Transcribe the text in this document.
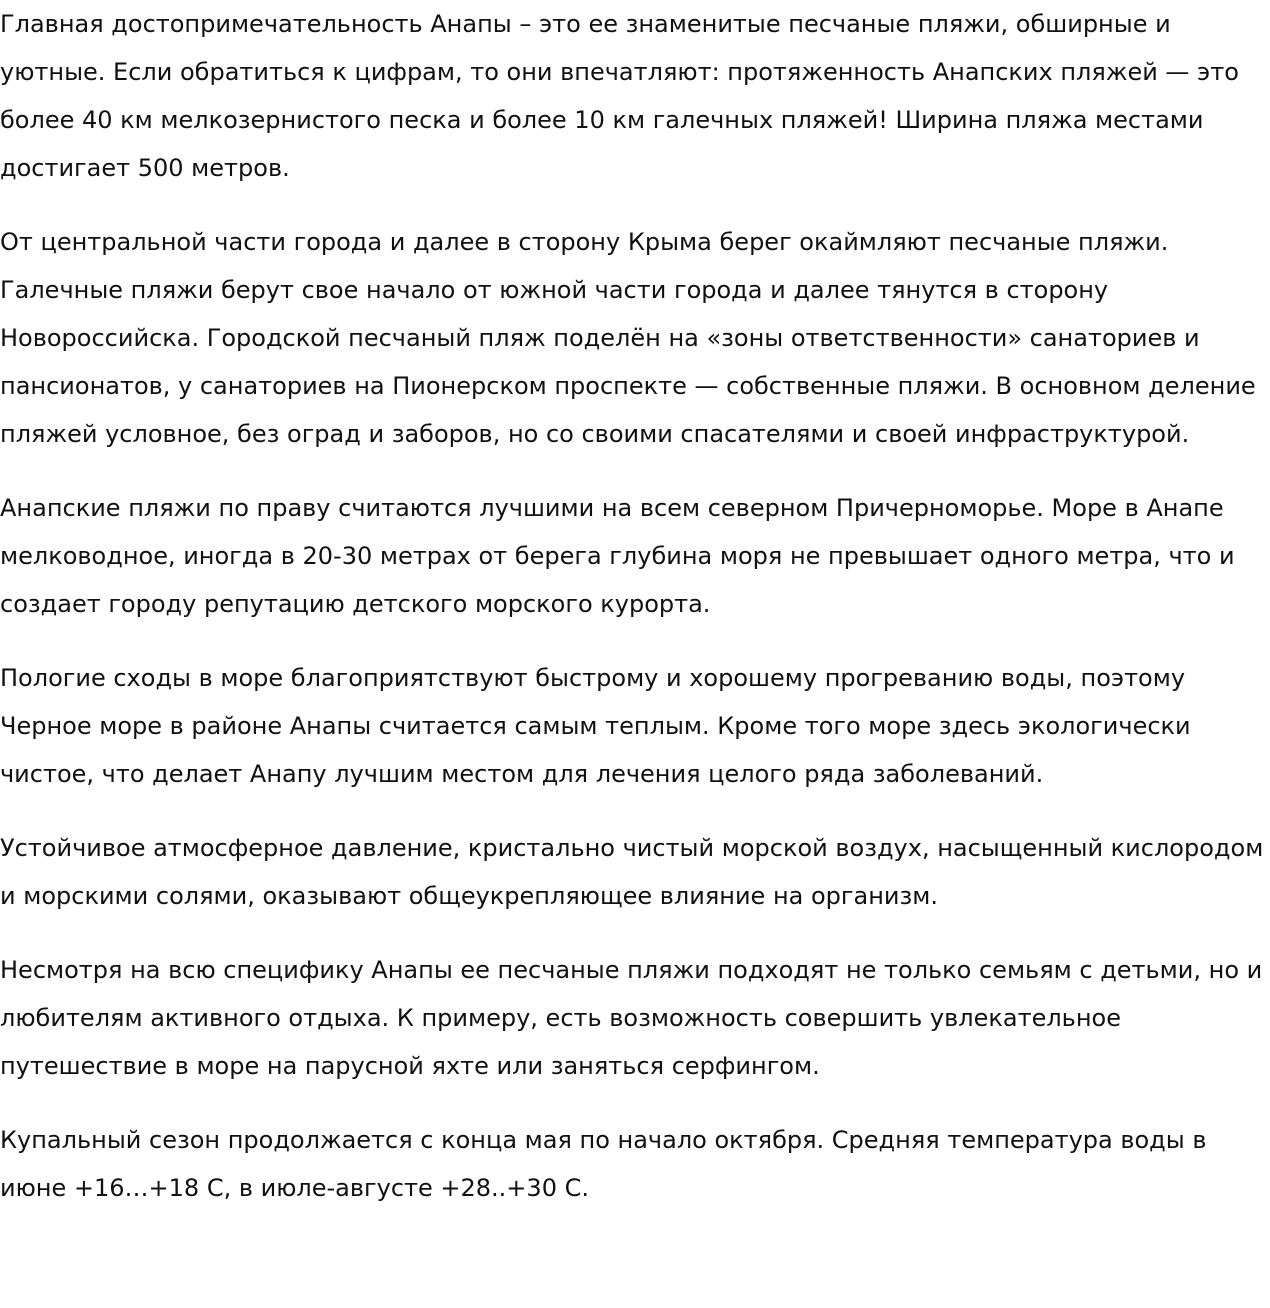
Главная достопримечательность Анапы – это ее знаменитые песчаные пляжи, обширные и уютные. Если обратиться к цифрам, то они впечатляют: протяженность Анапских пляжей — это более 40 км мелкозернистого песка и более 10 км галечных пляжей! Ширина пляжа местами достигает 500 метров.

От центральной части города и далее в сторону Крыма берег окаймляют песчаные пляжи. Галечные пляжи берут свое начало от южной части города и далее тянутся в сторону Новороссийска. Городской песчаный пляж поделён на «зоны ответственности» санаториев и пансионатов, у санаториев на Пионерском проспекте — собственные пляжи. В основном деление пляжей условное, без оград и заборов, но со своими спасателями и своей инфраструктурой.

Анапские пляжи по праву считаются лучшими на всем северном Причерноморье. Море в Анапе мелководное, иногда в 20-30 метрах от берега глубина моря не превышает одного метра, что и создает городу репутацию детского морского курорта.

Пологие сходы в море благоприятствуют быстрому и хорошему прогреванию воды, поэтому Черное море в районе Анапы считается самым теплым. Кроме того море здесь экологически чистое, что делает Анапу лучшим местом для лечения целого ряда заболеваний.

Устойчивое атмосферное давление, кристально чистый морской воздух, насыщенный кислородом и морскими солями, оказывают общеукрепляющее влияние на организм.

Несмотря на всю специфику Анапы ее песчаные пляжи подходят не только семьям с детьми, но и любителям активного отдыха. К примеру, есть возможность совершить увлекательное путешествие в море на парусной яхте или заняться серфингом.

Купальный сезон продолжается с конца мая по начало октября. Средняя температура воды в июне +16…+18 С, в июле-августе +28..+30 С.
